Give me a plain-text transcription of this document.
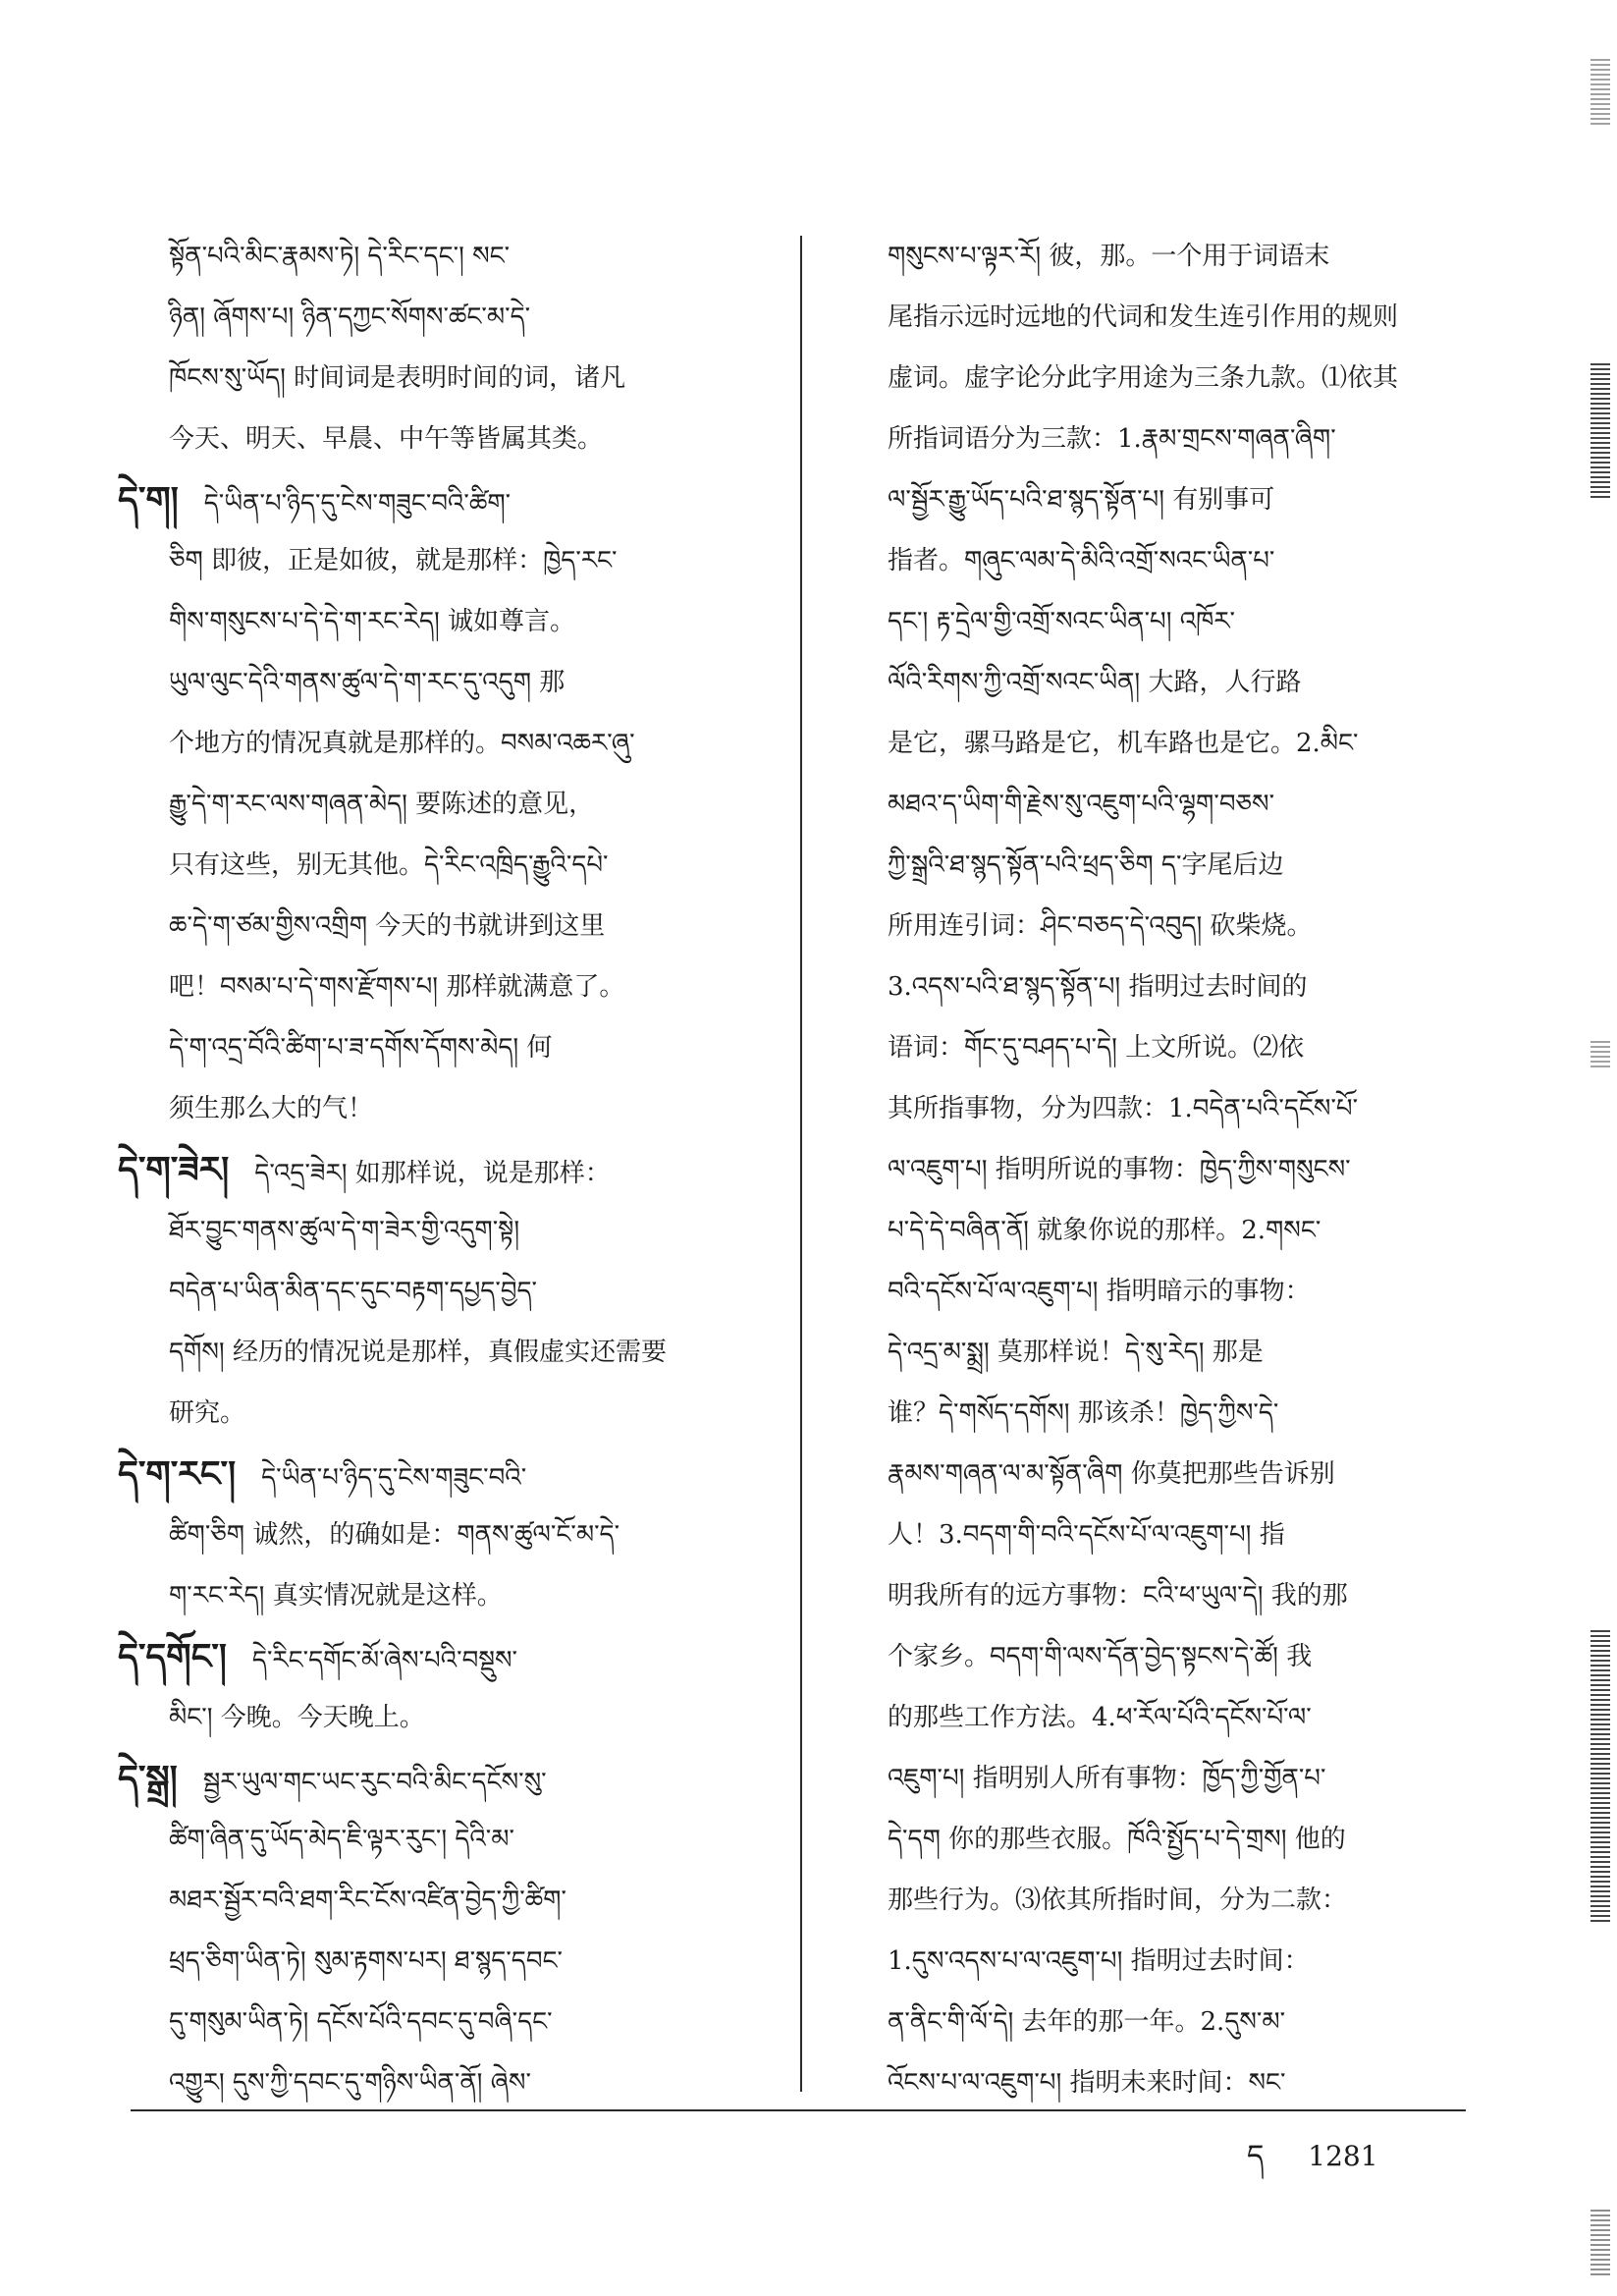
སྟོན་པའི་མིང་རྣམས་ཏེ། དེ་རིང་དང་། སང་
ཉིན། ཞོགས་པ། ཉིན་དཀྱང་སོགས་ཚང་མ་དེ་
ཁོངས་སུ་ཡོད། 时间词是表明时间的词，诸凡
今天、明天、早晨、中午等皆属其类。
དེ་ག། དེ་ཡིན་པ་ཉིད་དུ་ངེས་གཟུང་བའི་ཚིག་
ཅིག 即彼，正是如彼，就是那样：ཁྱེད་རང་
གིས་གསུངས་པ་དེ་དེ་ག་རང་རེད། 诚如尊言。
ཡུལ་ལུང་དེའི་གནས་ཚུལ་དེ་ག་རང་དུ་འདུག 那
个地方的情况真就是那样的。བསམ་འཆར་ཞུ་
རྒྱུ་དེ་ག་རང་ལས་གཞན་མེད། 要陈述的意见，
只有这些，别无其他。དེ་རིང་འཁྲིད་རྒྱུའི་དཔེ་
ཆ་དེ་ག་ཙམ་གྱིས་འགྲིག 今天的书就讲到这里
吧！བསམ་པ་དེ་གས་རྫོགས་པ། 那样就满意了。
དེ་ག་འདྲ་བོའི་ཚིག་པ་ཟ་དགོས་དོགས་མེད། 何
须生那么大的气！
དེ་ག་ཟེར། དེ་འདྲ་ཟེར། 如那样说，说是那样：
ཐོར་བྱུང་གནས་ཚུལ་དེ་ག་ཟེར་གྱི་འདུག་སྟེ།
བདེན་པ་ཡིན་མིན་དང་དུང་བརྟག་དཔྱད་བྱེད་
དགོས། 经历的情况说是那样，真假虚实还需要
研究。
དེ་ག་རང་། དེ་ཡིན་པ་ཉིད་དུ་ངེས་གཟུང་བའི་
ཚིག་ཅིག 诚然，的确如是：གནས་ཚུལ་ངོ་མ་དེ་
ག་རང་རེད། 真实情况就是这样。
དེ་དགོང་། དེ་རིང་དགོང་མོ་ཞེས་པའི་བསྡུས་
མིང་། 今晚。今天晚上。
དེ་སྒྲ། སྦྱར་ཡུལ་གང་ཡང་རུང་བའི་མིང་དངོས་སུ་
ཚིག་ཞིན་དུ་ཡོད་མེད་ཇི་ལྟར་རུང་། དེའི་མ་
མཐར་སྦྱོར་བའི་ཐག་རིང་ངོས་འཛིན་བྱེད་ཀྱི་ཚིག་
ཕྲད་ཅིག་ཡིན་ཏེ། སུམ་རྟགས་པར། ཐ་སྙད་དབང་
དུ་གསུམ་ཡིན་ཏེ། དངོས་པོའི་དབང་དུ་བཞི་དང་
འགྱུར། དུས་ཀྱི་དབང་དུ་གཉིས་ཡིན་ནོ། ཞེས་
གསུངས་པ་ལྟར་རོ། 彼，那。一个用于词语末
尾指示远时远地的代词和发生连引作用的规则
虚词。虚字论分此字用途为三条九款。⑴依其
所指词语分为三款：1.རྣམ་གྲངས་གཞན་ཞིག་
ལ་སྦྱོར་རྒྱུ་ཡོད་པའི་ཐ་སྙད་སྟོན་པ། 有别事可
指者。གཞུང་ལམ་དེ་མིའི་འགྲོ་སའང་ཡིན་པ་
དང་། རྟ་དྲེལ་གྱི་འགྲོ་སའང་ཡིན་པ། འཁོར་
ལོའི་རིགས་ཀྱི་འགྲོ་སའང་ཡིན། 大路，人行路
是它，骡马路是它，机车路也是它。2.མིང་
མཐའ་ད་ཡིག་གི་རྗེས་སུ་འཇུག་པའི་ལྷག་བཅས་
ཀྱི་སྒྲའི་ཐ་སྙད་སྟོན་པའི་ཕྲད་ཅིག ད་字尾后边
所用连引词：ཤིང་བཅད་དེ་འབུད། 砍柴烧。
3.འདས་པའི་ཐ་སྙད་སྟོན་པ། 指明过去时间的
语词：གོང་དུ་བཤད་པ་དེ། 上文所说。⑵依
其所指事物，分为四款：1.བདེན་པའི་དངོས་པོ་
ལ་འཇུག་པ། 指明所说的事物：ཁྱེད་ཀྱིས་གསུངས་
པ་དེ་དེ་བཞིན་ནོ། 就象你说的那样。2.གསང་
བའི་དངོས་པོ་ལ་འཇུག་པ། 指明暗示的事物：
དེ་འདྲ་མ་སྨྲ། 莫那样说！དེ་སུ་རེད། 那是
谁？དེ་གསོད་དགོས། 那该杀！ཁྱེད་ཀྱིས་དེ་
རྣམས་གཞན་ལ་མ་སྟོན་ཞིག 你莫把那些告诉别
人！3.བདག་གི་བའི་དངོས་པོ་ལ་འཇུག་པ། 指
明我所有的远方事物：ངའི་ཕ་ཡུལ་དེ། 我的那
个家乡。བདག་གི་ལས་དོན་བྱེད་སྟངས་དེ་ཚོ། 我
的那些工作方法。4.ཕ་རོལ་པོའི་དངོས་པོ་ལ་
འཇུག་པ། 指明别人所有事物：ཁྱོད་ཀྱི་གྱོན་པ་
དེ་དག 你的那些衣服。ཁོའི་སྤྱོད་པ་དེ་གྲས། 他的
那些行为。⑶依其所指时间，分为二款：
1.དུས་འདས་པ་ལ་འཇུག་པ། 指明过去时间：
ན་ནིང་གི་ལོ་དེ། 去年的那一年。2.དུས་མ་
འོངས་པ་ལ་འཇུག་པ། 指明未来时间：སང་
ད 1281
